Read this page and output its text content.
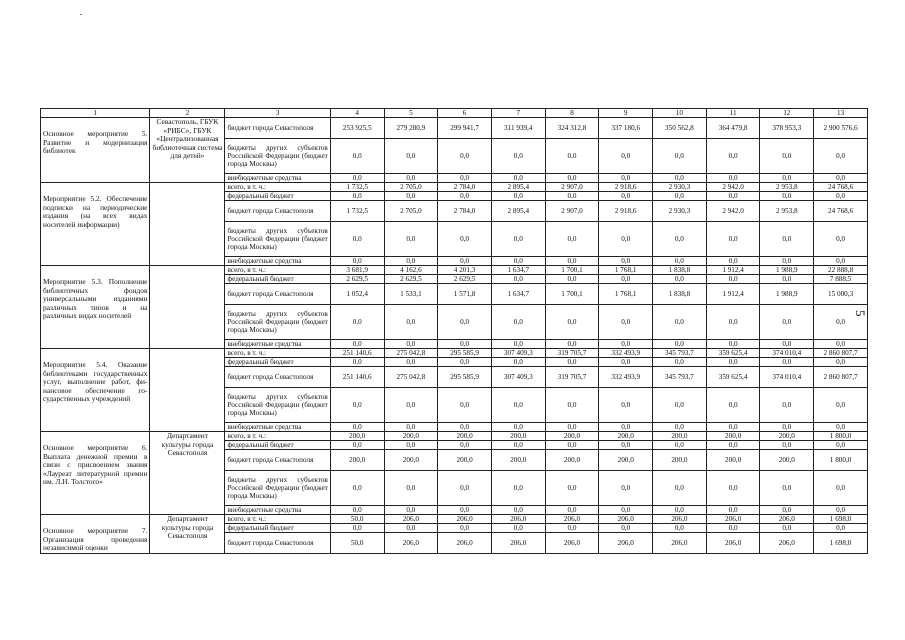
1	2	3	4	5	6	7	8	9	10	11	12	13
Основное мероприятие 5. Развитие и модернизация библиотек	Севастополь, ГБУК «РИБС», ГБУК «Централизованная библиотечная система для детей»	бюджет города Севастополя	253 925,5	279 280,9	299 941,7	311 939,4	324 312,8	337 180,6	350 562,8	364 479,8	378 953,3	2 900 576,6
		бюджеты других субъектов Российской Федерации (бюджет города Москвы)	0,0	0,0	0,0	0,0	0,0	0,0	0,0	0,0	0,0	0,0
		внебюджетные средства	0,0	0,0	0,0	0,0	0,0	0,0	0,0	0,0	0,0	0,0
Мероприятие 5.2. Обеспечение подписки на периодические издания (на всех видах носителей информации)		всего, в т. ч.:	1 732,5	2 705,0	2 784,0	2 895,4	2 907,0	2 918,6	2 930,3	2 942,0	2 953,8	24 768,6
		федеральный бюджет	0,0	0,0	0,0	0,0	0,0	0,0	0,0	0,0	0,0	0,0
		бюджет города Севастополя	1 732,5	2 705,0	2 784,0	2 895,4	2 907,0	2 918,6	2 930,3	2 942,0	2 953,8	24 768,6
		бюджеты других субъектов Российской Федерации (бюджет города Москвы)	0,0	0,0	0,0	0,0	0,0	0,0	0,0	0,0	0,0	0,0
		внебюджетные средства	0,0	0,0	0,0	0,0	0,0	0,0	0,0	0,0	0,0	0,0
Мероприятие 5.3. Пополнение библиотечных фондов универсальными изданиями различных типов и на различных видах носителей		всего, в т. ч.:	3 681,9	4 162,6	4 201,3	1 634,7	1 700,1	1 768,1	1 838,8	1 912,4	1 988,9	22 888,8
		федеральный бюджет	2 629,5	2 629,5	2 629,5	0,0	0,0	0,0	0,0	0,0	0,0	7 888,5
		бюджет города Севастополя	1 052,4	1 533,1	1 571,8	1 634,7	1 700,1	1 768,1	1 838,8	1 912,4	1 988,9	15 000,3
		бюджеты других субъектов Российской Федерации (бюджет города Москвы)	0,0	0,0	0,0	0,0	0,0	0,0	0,0	0,0	0,0	0,0
		внебюджетные средства	0,0	0,0	0,0	0,0	0,0	0,0	0,0	0,0	0,0	0,0
Мероприятие 5.4. Оказание библиотеками государственных услуг, выполнение работ, финансовое обеспечение государственных учреждений		всего, в т. ч.:	251 140,6	275 042,8	295 585,9	307 409,3	319 705,7	332 493,9	345 793,7	359 625,4	374 010,4	2 860 807,7
		федеральный бюджет	0,0	0,0	0,0	0,0	0,0	0,0	0,0	0,0	0,0	0,0
		бюджет города Севастополя	251 140,6	275 042,8	295 585,9	307 409,3	319 705,7	332 493,9	345 793,7	359 625,4	374 010,4	2 860 807,7
		бюджеты других субъектов Российской Федерации (бюджет города Москвы)	0,0	0,0	0,0	0,0	0,0	0,0	0,0	0,0	0,0	0,0
		внебюджетные средства	0,0	0,0	0,0	0,0	0,0	0,0	0,0	0,0	0,0	0,0
Основное мероприятие 6. Выплата денежной премии в связи с присвоением звания «Лауреат литературной премии им. Л.Н. Толстого»	Департамент культуры города Севастополя	всего, в т. ч.:	200,0	200,0	200,0	200,0	200,0	200,0	200,0	200,0	200,0	1 800,0
		федеральный бюджет	0,0	0,0	0,0	0,0	0,0	0,0	0,0	0,0	0,0	0,0
		бюджет города Севастополя	200,0	200,0	200,0	200,0	200,0	200,0	200,0	200,0	200,0	1 800,0
		бюджеты других субъектов Российской Федерации (бюджет города Москвы)	0,0	0,0	0,0	0,0	0,0	0,0	0,0	0,0	0,0	0,0
		внебюджетные средства	0,0	0,0	0,0	0,0	0,0	0,0	0,0	0,0	0,0	0,0
Основное мероприятие 7. Организация проведения независимой оценки	Департамент культуры города Севастополя	всего, в т. ч.:	50,0	206,0	206,0	206,0	206,0	206,0	206,0	206,0	206,0	1 698,0
		федеральный бюджет	0,0	0,0	0,0	0,0	0,0	0,0	0,0	0,0	0,0	0,0
		бюджет города Севастополя	50,0	206,0	206,0	206,0	206,0	206,0	206,0	206,0	206,0	1 698,0
5
